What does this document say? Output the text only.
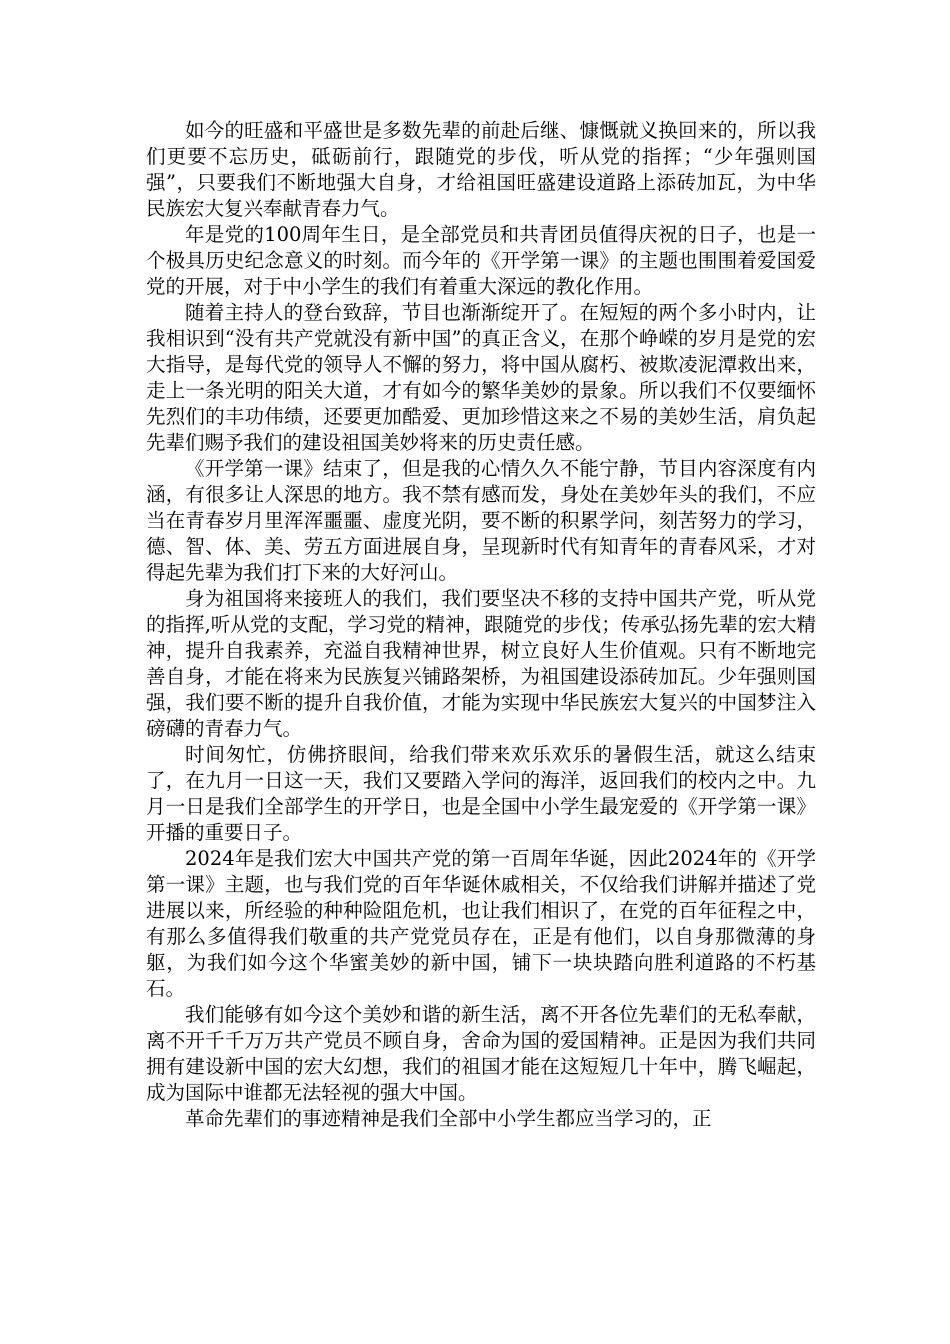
如今的旺盛和平盛世是多数先辈的前赴后继、慷慨就义换回来的，所以我们更要不忘历史，砥砺前行，跟随党的步伐，听从党的指挥；“少年强则国强”，只要我们不断地强大自身，才给祖国旺盛建设道路上添砖加瓦，为中华民族宏大复兴奉献青春力气。

年是党的100周年生日，是全部党员和共青团员值得庆祝的日子，也是一个极具历史纪念意义的时刻。而今年的《开学第一课》的主题也围围着爱国爱党的开展，对于中小学生的我们有着重大深远的教化作用。

随着主持人的登台致辞，节目也渐渐绽开了。在短短的两个多小时内，让我相识到“没有共产党就没有新中国”的真正含义，在那个峥嵘的岁月是党的宏大指导，是每代党的领导人不懈的努力，将中国从腐朽、被欺凌泥潭救出来，走上一条光明的阳关大道，才有如今的繁华美妙的景象。所以我们不仅要缅怀先烈们的丰功伟绩，还要更加酷爱、更加珍惜这来之不易的美妙生活，肩负起先辈们赐予我们的建设祖国美妙将来的历史责任感。

《开学第一课》结束了，但是我的心情久久不能宁静，节目内容深度有内涵，有很多让人深思的地方。我不禁有感而发，身处在美妙年头的我们，不应当在青春岁月里浑浑噩噩、虚度光阴，要不断的积累学问，刻苦努力的学习，德、智、体、美、劳五方面进展自身，呈现新时代有知青年的青春风采，才对得起先辈为我们打下来的大好河山。

身为祖国将来接班人的我们，我们要坚决不移的支持中国共产党，听从党的指挥,听从党的支配，学习党的精神，跟随党的步伐；传承弘扬先辈的宏大精神，提升自我素养，充溢自我精神世界，树立良好人生价值观。只有不断地完善自身，才能在将来为民族复兴铺路架桥，为祖国建设添砖加瓦。少年强则国强，我们要不断的提升自我价值，才能为实现中华民族宏大复兴的中国梦注入磅礴的青春力气。

时间匆忙，仿佛挤眼间，给我们带来欢乐欢乐的暑假生活，就这么结束了，在九月一日这一天，我们又要踏入学问的海洋，返回我们的校内之中。九月一日是我们全部学生的开学日，也是全国中小学生最宠爱的《开学第一课》开播的重要日子。

2024年是我们宏大中国共产党的第一百周年华诞，因此2024年的《开学第一课》主题，也与我们党的百年华诞休戚相关，不仅给我们讲解并描述了党进展以来，所经验的种种险阻危机，也让我们相识了，在党的百年征程之中，有那么多值得我们敬重的共产党党员存在，正是有他们，以自身那微薄的身躯，为我们如今这个华蜜美妙的新中国，铺下一块块踏向胜利道路的不朽基石。

我们能够有如今这个美妙和谐的新生活，离不开各位先辈们的无私奉献，离不开千千万万共产党员不顾自身，舍命为国的爱国精神。正是因为我们共同拥有建设新中国的宏大幻想，我们的祖国才能在这短短几十年中，腾飞崛起，成为国际中谁都无法轻视的强大中国。

革命先辈们的事迹精神是我们全部中小学生都应当学习的，正
